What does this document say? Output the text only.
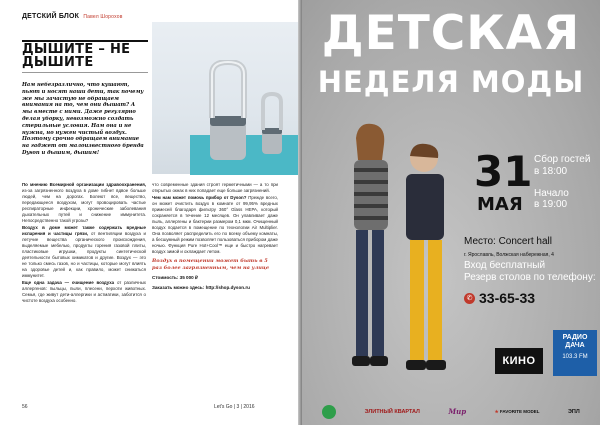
ДЕТСКИЙ БЛОК Павел Шорохов
ДЫШИТЕ – НЕ ДЫШИТЕ
Нам небезразлично, что кушают, пьют и носят наши дети, так почему же мы зачастую не обращаем внимания на то, чем они дышат? А мы вместе с ними. Даже регулярно делая уборку, невозможно создать стерильные условия. Нам она и не нужна, но нужен чистый воздух. Поэтому срочно обращаем внимание на гаджет от малоизвестного бренда Dyson и дышим, дышим!

По мнению Всемирной организации здравоохранения, из-за загрязненного воздуха в доме гибнет вдвое больше людей, чем на дорогах. Болеют все, вещество, передающееся воздухом, могут провоцировать частые респираторные инфекции, хронические заболевания дыхательных путей и снижение иммунитета. Непосредственно такой угрозы?

Воздух в доме может также содержать вредные испарения и частицы грязи, от вентиляции воздуха и летучие вещества органического происхождения, выделяемые мебелью, продукты горения газовой плиты, пластиковые игрушки, продукты синтетической деятельности бытовых химикатов и другие. Воздух — это не только смесь газов, но и частицы, которые могут влиять на здоровье детей и, как правило, может снижаться иммунитет.

Еще одна задача — очищение воздуха от различных аллергенов: пыльцы, пыли, плесени, перхоти животных. Семья, где живут дети-аллергики и астматики, заботится о чистоте воздуха особенно.

что современные здания строят герметичными — а то при открытых окнах в них попадает еще больше загрязнений.

Чем нам может помочь прибор от Dyson? Прежде всего, он может очистить воздух в комнате от 99,95% вредных примесей благодаря фильтру 360° Glass HEPA, который сохраняется в течение 12 месяцев. Он улавливает даже пыль, аллергены и бактерии размером 0,1 мкм. Очищенный воздух подается в помещение по технологии Air Multiplier. Она позволяет распределить его по всему объему комнаты, а бесшумный режим позволяет пользоваться прибором даже ночью. Функция Pure Hot+Cool™ еще и быстро нагревает воздух зимой и охлаждает летом.

Воздух в помещении может быть в 5 раз более загрязненным, чем на улице
Стоимость: 35 000 ₽
Заказать можно здесь: http://shop.dyson.ru
56	Let's Go | 3 | 2016
ДЕТСКАЯ
НЕДЕЛЯ МОДЫ
31
МАЯ
Сбор гостей
в 18:00
Начало
в 19:00
Место: Concert hall
г. Ярославль, Волжская набережная, 4
Вход бесплатный
Резерв столов по телефону:
✆ 33-65-33
КИНО
РАДИО ДАЧА
103.3 FM
ЭЛИТНЫЙ КВАРТАЛ	Мир
★	FAVORITE MODEL	ЭПЛ
